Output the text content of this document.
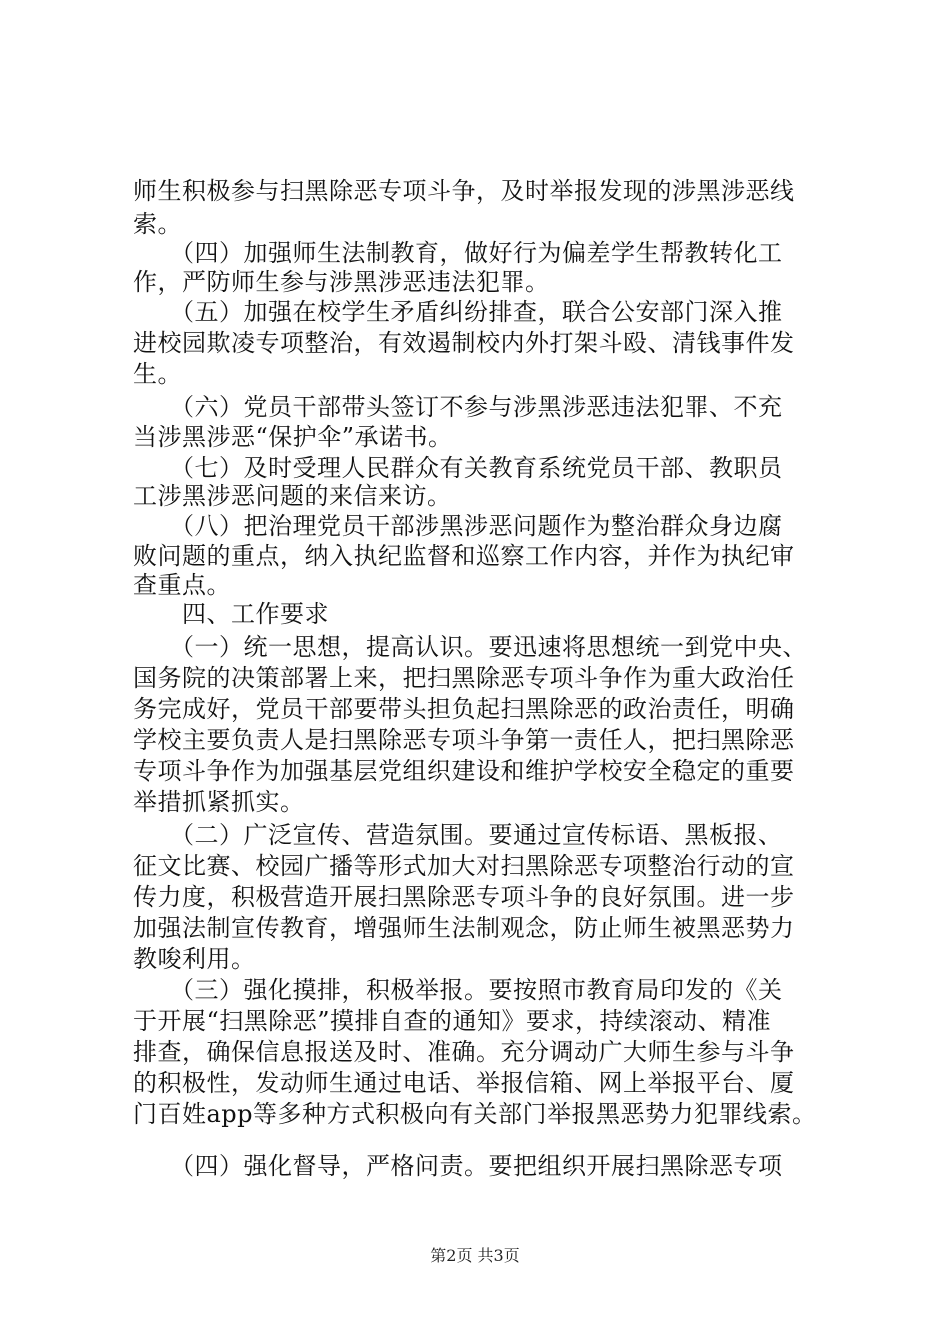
师生积极参与扫黑除恶专项斗争，及时举报发现的涉黑涉恶线
索。
　　（四）加强师生法制教育，做好行为偏差学生帮教转化工
作，严防师生参与涉黑涉恶违法犯罪。
　　（五）加强在校学生矛盾纠纷排查，联合公安部门深入推
进校园欺凌专项整治，有效遏制校内外打架斗殴、清钱事件发
生。
　　（六）党员干部带头签订不参与涉黑涉恶违法犯罪、不充
当涉黑涉恶“保护伞”承诺书。
　　（七）及时受理人民群众有关教育系统党员干部、教职员
工涉黑涉恶问题的来信来访。
　　（八）把治理党员干部涉黑涉恶问题作为整治群众身边腐
败问题的重点，纳入执纪监督和巡察工作内容，并作为执纪审
查重点。
　　四、工作要求
　　（一）统一思想，提高认识。要迅速将思想统一到党中央、
国务院的决策部署上来，把扫黑除恶专项斗争作为重大政治任
务完成好，党员干部要带头担负起扫黑除恶的政治责任，明确
学校主要负责人是扫黑除恶专项斗争第一责任人，把扫黑除恶
专项斗争作为加强基层党组织建设和维护学校安全稳定的重要
举措抓紧抓实。
　　（二）广泛宣传、营造氛围。要通过宣传标语、黑板报、
征文比赛、校园广播等形式加大对扫黑除恶专项整治行动的宣
传力度，积极营造开展扫黑除恶专项斗争的良好氛围。进一步
加强法制宣传教育，增强师生法制观念，防止师生被黑恶势力
教唆利用。
　　（三）强化摸排，积极举报。要按照市教育局印发的《关
于开展“扫黑除恶”摸排自查的通知》要求，持续滚动、精准
排查，确保信息报送及时、准确。充分调动广大师生参与斗争
的积极性，发动师生通过电话、举报信箱、网上举报平台、厦
门百姓app等多种方式积极向有关部门举报黑恶势力犯罪线索。
　　（四）强化督导，严格问责。要把组织开展扫黑除恶专项
第2页 共3页
